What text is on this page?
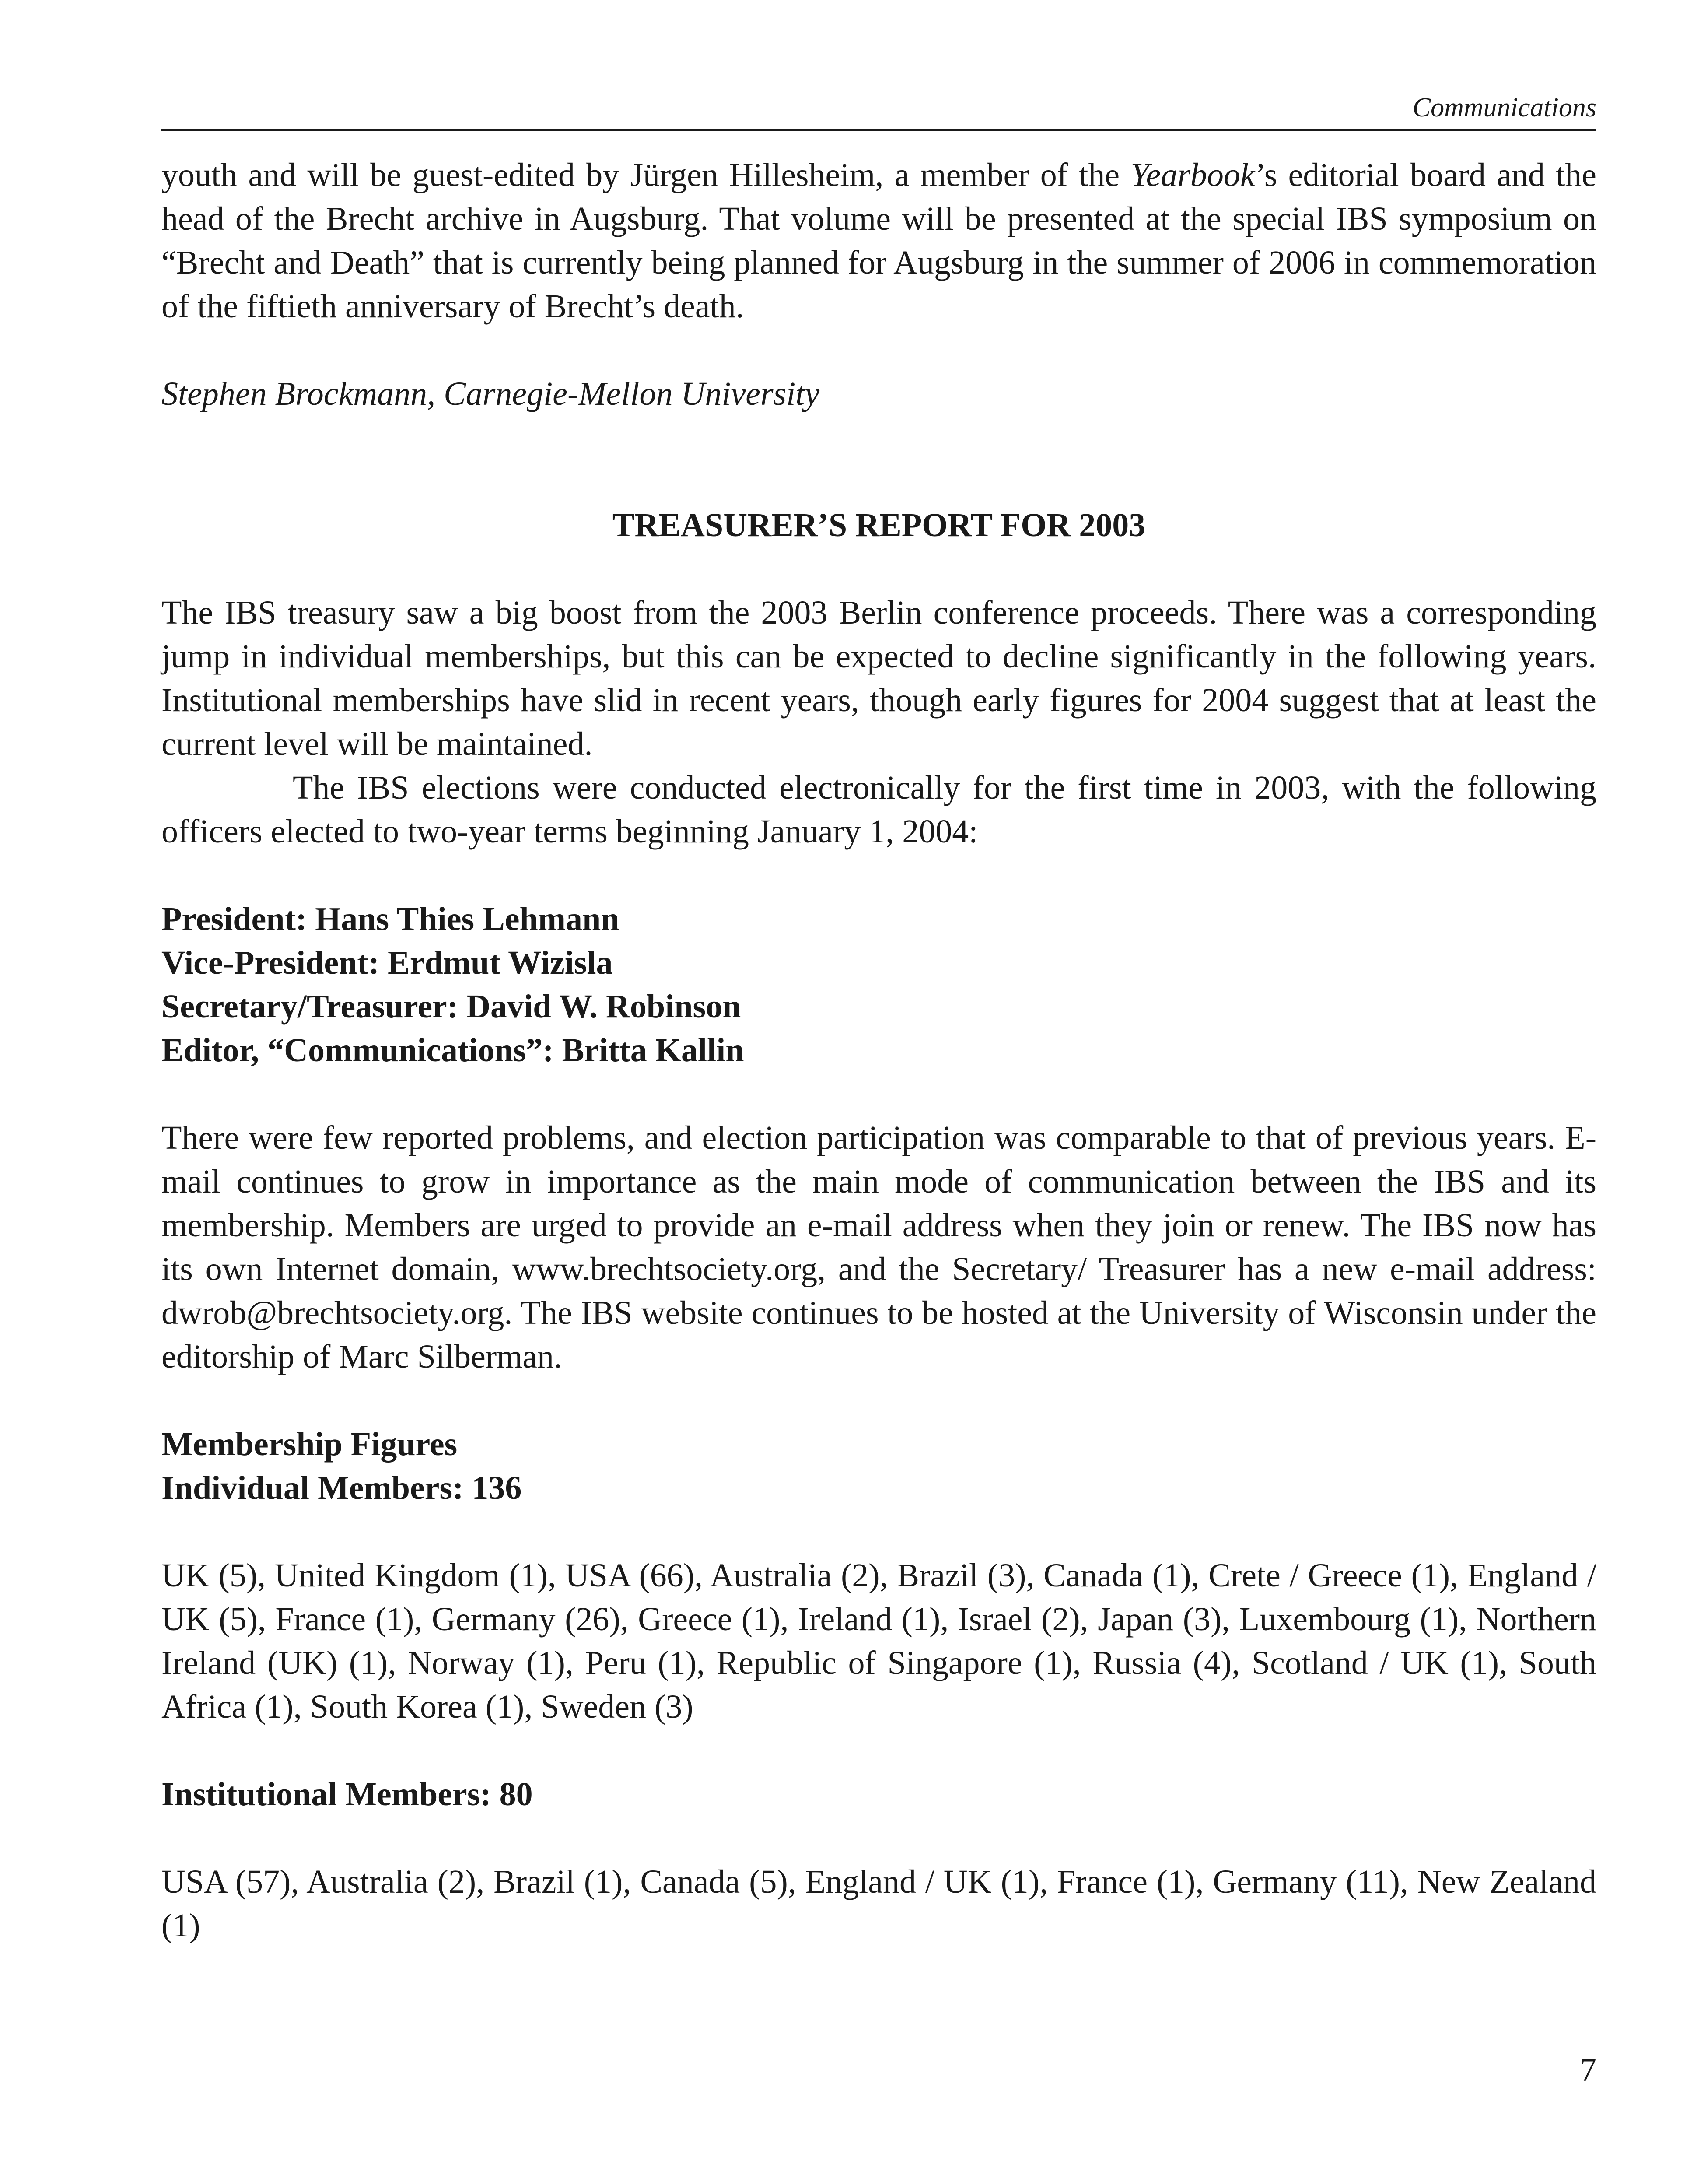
Communications

youth and will be guest-edited by Jürgen Hillesheim, a member of the Yearbook’s editorial board and the head of the Brecht archive in Augsburg. That volume will be presented at the special IBS symposium on “Brecht and Death” that is currently being planned for Augsburg in the summer of 2006 in commemoration of the fiftieth anniversary of Brecht’s death.

Stephen Brockmann, Carnegie-Mellon University

TREASURER’S REPORT FOR 2003

The IBS treasury saw a big boost from the 2003 Berlin conference proceeds. There was a corresponding jump in individual memberships, but this can be expected to decline significantly in the following years. Institutional memberships have slid in recent years, though early figures for 2004 suggest that at least the current level will be maintained.

The IBS elections were conducted electronically for the first time in 2003, with the following officers elected to two-year terms beginning January 1, 2004:

President: Hans Thies Lehmann

Vice-President: Erdmut Wizisla

Secretary/Treasurer: David W. Robinson

Editor, “Communications”: Britta Kallin

There were few reported problems, and election participation was comparable to that of previous years. E-mail continues to grow in importance as the main mode of communication between the IBS and its membership. Members are urged to provide an e-mail address when they join or renew. The IBS now has its own Internet domain, www.brechtsociety.org, and the Secretary/ Treasurer has a new e-mail address: dwrob@brechtsociety.org. The IBS website continues to be hosted at the University of Wisconsin under the editorship of Marc Silberman.

Membership Figures

Individual Members: 136

UK (5), United Kingdom (1), USA (66), Australia (2), Brazil (3), Canada (1), Crete / Greece (1), England / UK (5), France (1), Germany (26), Greece (1), Ireland (1), Israel (2), Japan (3), Luxembourg (1), Northern Ireland (UK) (1), Norway (1), Peru (1), Republic of Singapore (1), Russia (4), Scotland / UK (1), South Africa (1), South Korea (1), Sweden (3)

Institutional Members: 80

USA (57), Australia (2), Brazil (1), Canada (5), England / UK (1), France (1), Germany (11), New Zealand (1)

7
